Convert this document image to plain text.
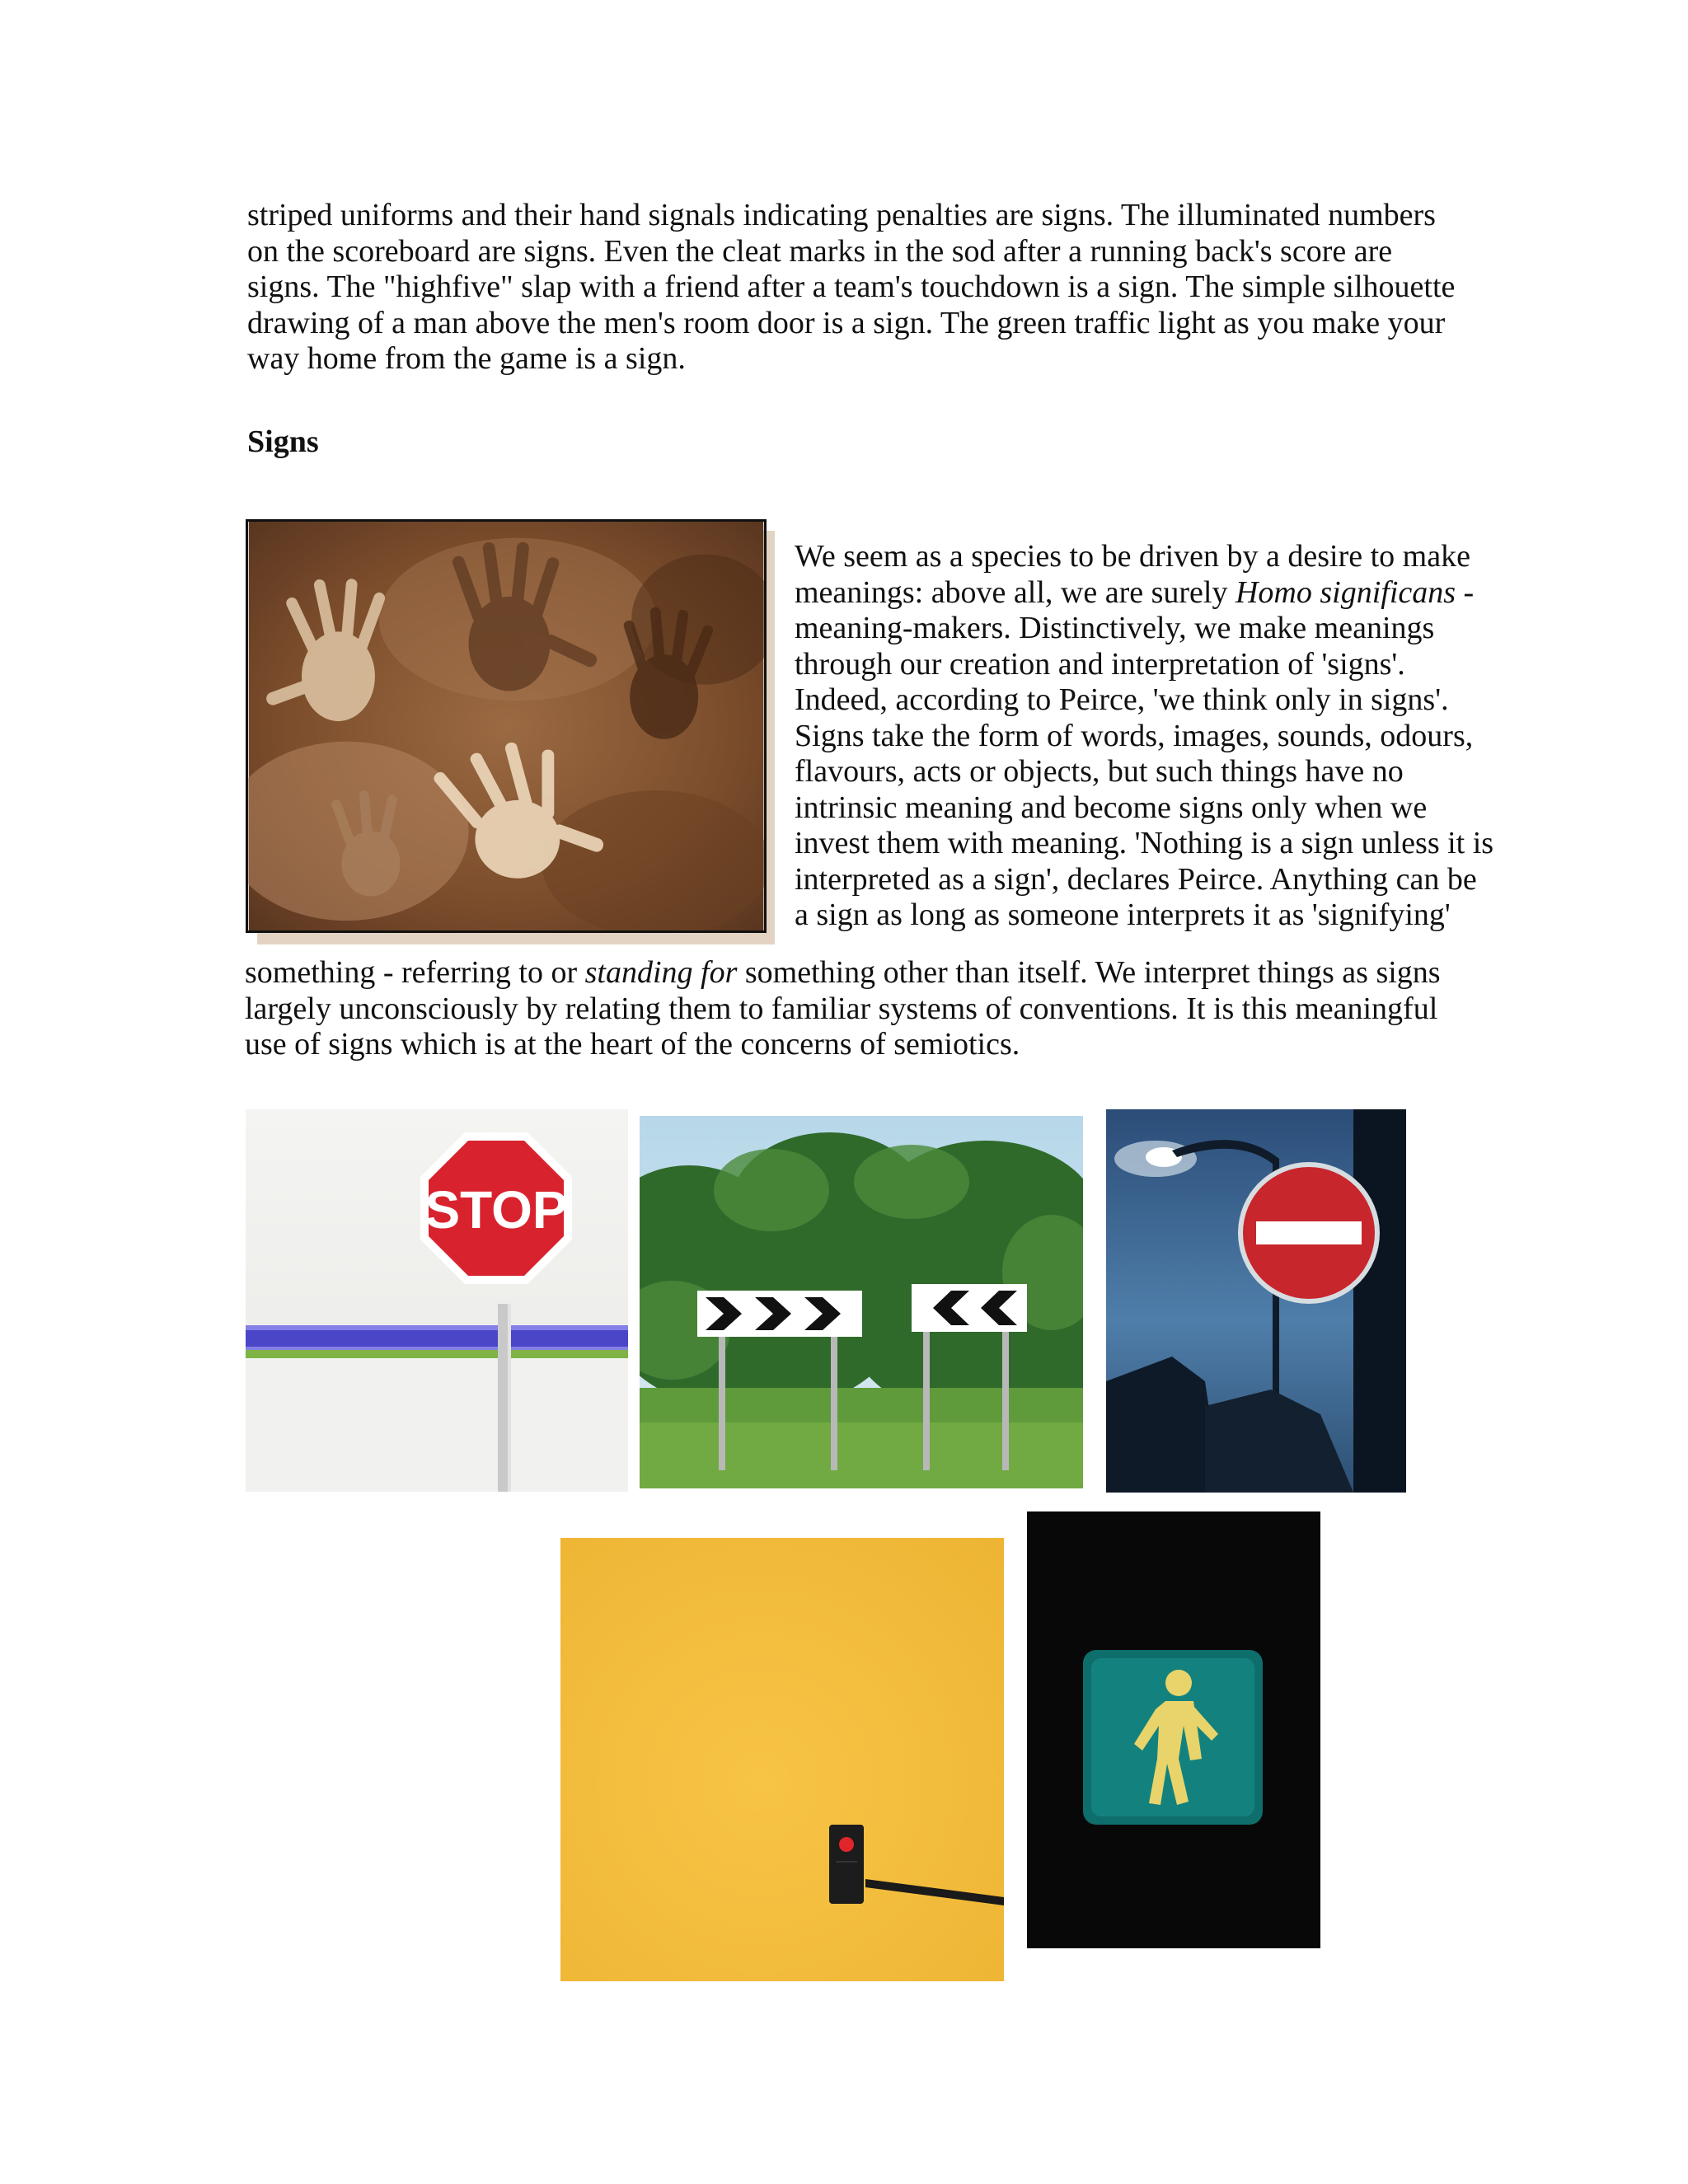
striped uniforms and their hand signals indicating penalties are signs. The illuminated numbers
on the scoreboard are signs. Even the cleat marks in the sod after a running back's score are
signs. The "highfive" slap with a friend after a team's touchdown is a sign. The simple silhouette
drawing of a man above the men's room door is a sign. The green traffic light as you make your
way home from the game is a sign.
Signs
We seem as a species to be driven by a desire to make
meanings: above all, we are surely Homo significans -
meaning-makers. Distinctively, we make meanings
through our creation and interpretation of 'signs'.
Indeed, according to Peirce, 'we think only in signs'.
Signs take the form of words, images, sounds, odours,
flavours, acts or objects, but such things have no
intrinsic meaning and become signs only when we
invest them with meaning. 'Nothing is a sign unless it is
interpreted as a sign', declares Peirce. Anything can be
a sign as long as someone interprets it as 'signifying'
something - referring to or standing for something other than itself. We interpret things as signs
largely unconsciously by relating them to familiar systems of conventions. It is this meaningful
use of signs which is at the heart of the concerns of semiotics.
STOP
